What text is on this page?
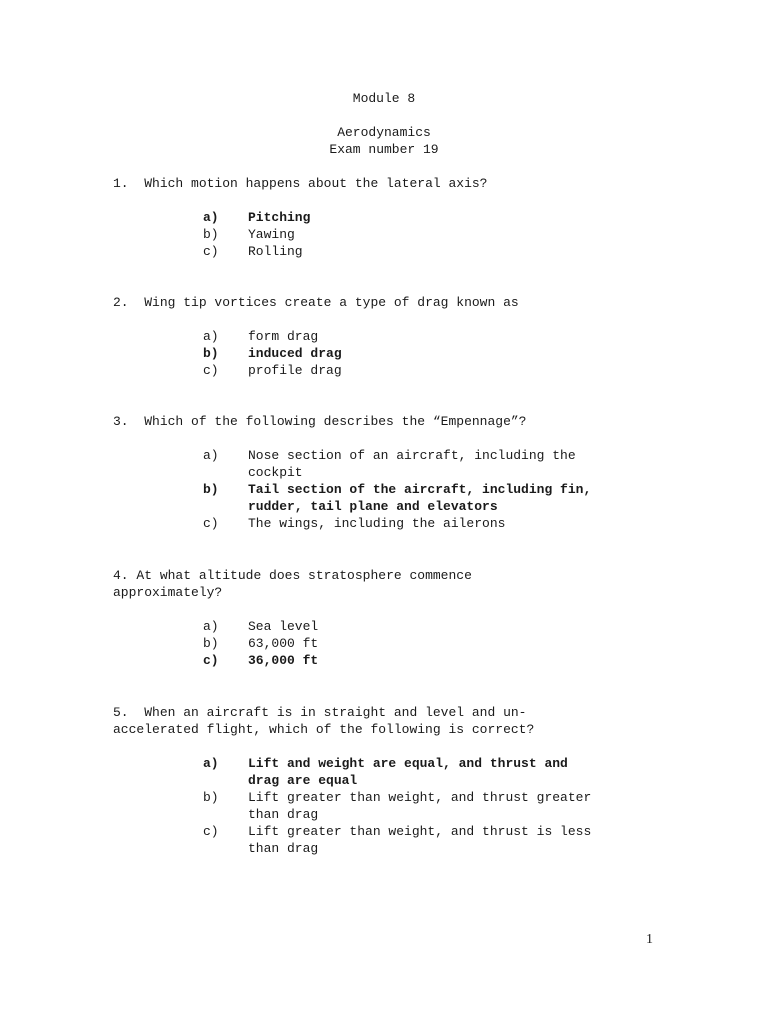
Module 8
Aerodynamics
Exam number 19
1. Which motion happens about the lateral axis?
a) Pitching
b) Yawing
c) Rolling
2. Wing tip vortices create a type of drag known as
a) form drag
b) induced drag
c) profile drag
3. Which of the following describes the “Empennage”?
a) Nose section of an aircraft, including the
cockpit
b) Tail section of the aircraft, including fin,
rudder, tail plane and elevators
c) The wings, including the ailerons
4. At what altitude does stratosphere commence
approximately?
a) Sea level
b) 63,000 ft
c) 36,000 ft
5. When an aircraft is in straight and level and un-
accelerated flight, which of the following is correct?
a) Lift and weight are equal, and thrust and
drag are equal
b) Lift greater than weight, and thrust greater
than drag
c) Lift greater than weight, and thrust is less
than drag
1
